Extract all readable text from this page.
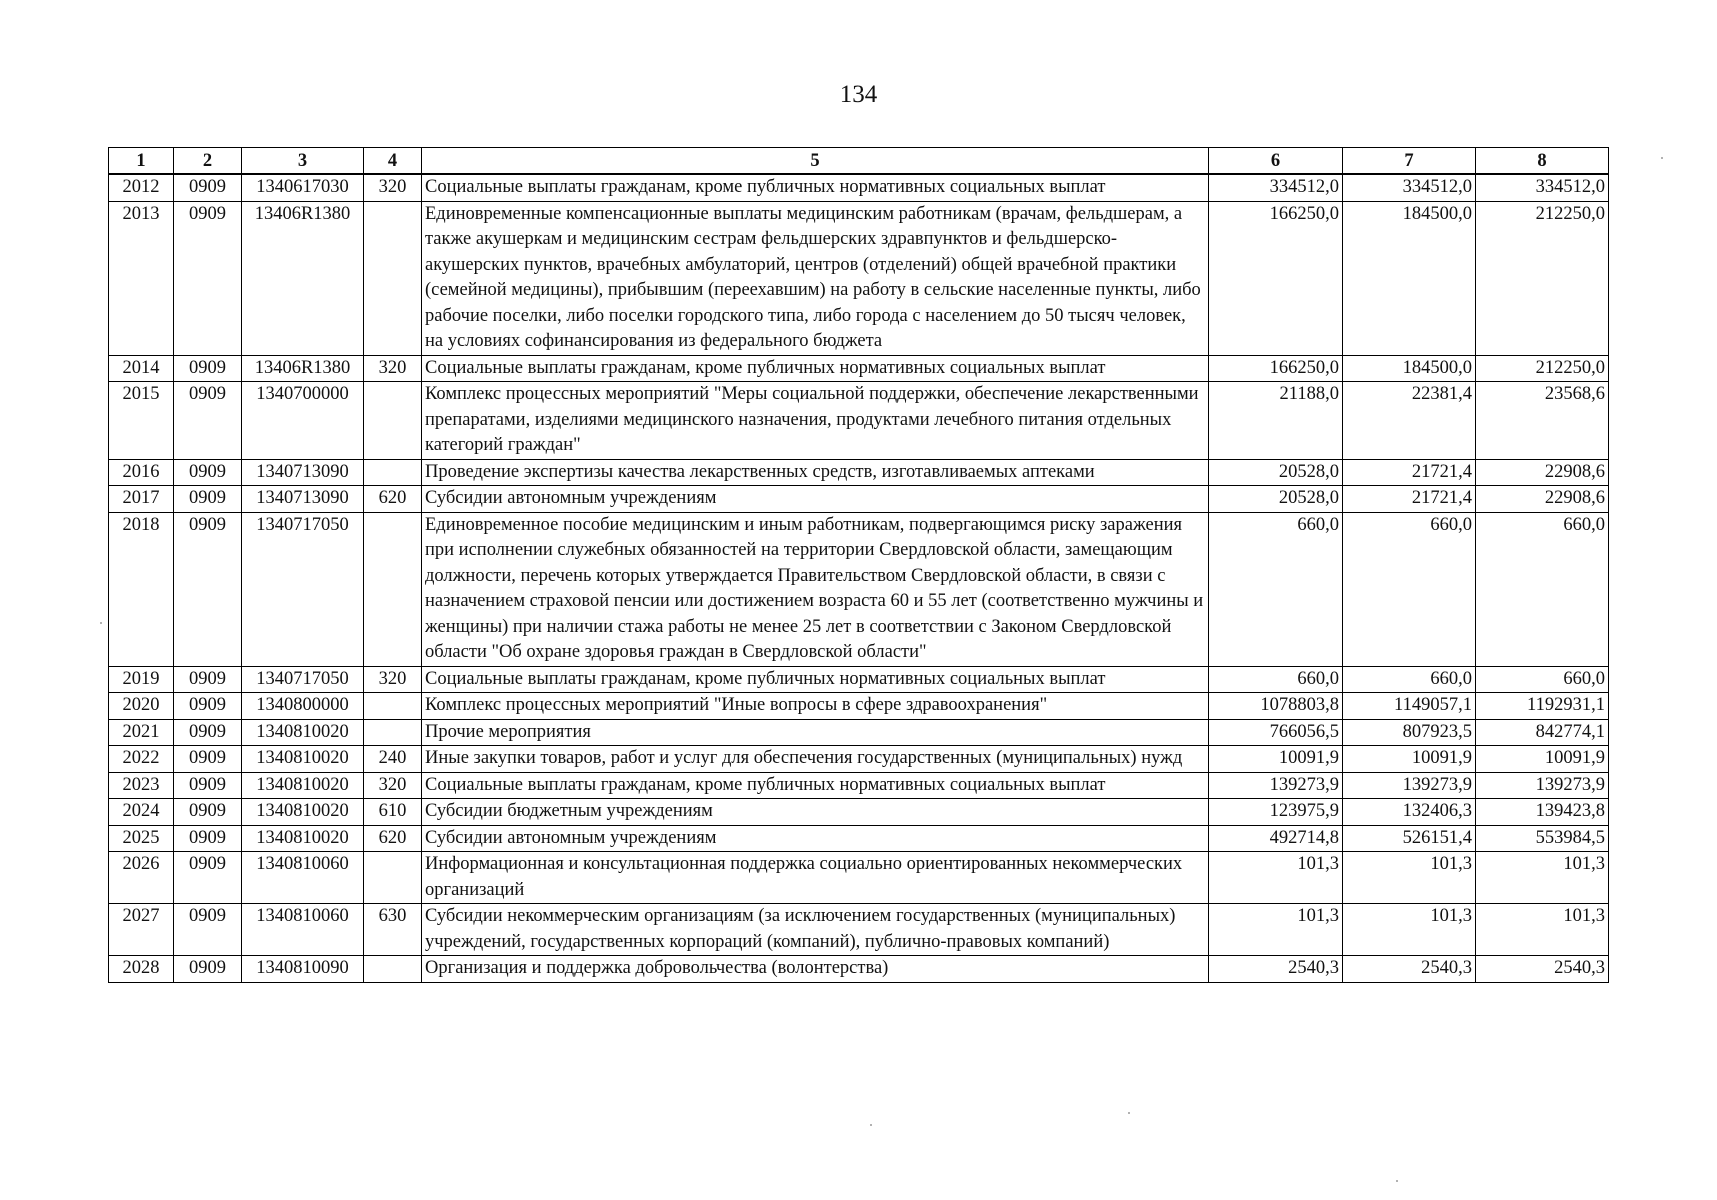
134
1	2	3	4	5	6	7	8
2012	0909	1340617030	320	Социальные выплаты гражданам, кроме публичных нормативных социальных выплат	334512,0	334512,0	334512,0
2013	0909	13406R1380		Единовременные компенсационные выплаты медицинским работникам (врачам, фельдшерам, а также акушеркам и медицинским сестрам фельдшерских здравпунктов и фельдшерско-акушерских пунктов, врачебных амбулаторий, центров (отделений) общей врачебной практики (семейной медицины), прибывшим (переехавшим) на работу в сельские населенные пункты, либо рабочие поселки, либо поселки городского типа, либо города с населением до 50 тысяч человек, на условиях софинансирования из федерального бюджета	166250,0	184500,0	212250,0
2014	0909	13406R1380	320	Социальные выплаты гражданам, кроме публичных нормативных социальных выплат	166250,0	184500,0	212250,0
2015	0909	1340700000		Комплекс процессных мероприятий "Меры социальной поддержки, обеспечение лекарственными препаратами, изделиями медицинского назначения, продуктами лечебного питания отдельных категорий граждан"	21188,0	22381,4	23568,6
2016	0909	1340713090		Проведение экспертизы качества лекарственных средств, изготавливаемых аптеками	20528,0	21721,4	22908,6
2017	0909	1340713090	620	Субсидии автономным учреждениям	20528,0	21721,4	22908,6
2018	0909	1340717050		Единовременное пособие медицинским и иным работникам, подвергающимся риску заражения при исполнении служебных обязанностей на территории Свердловской области, замещающим должности, перечень которых утверждается Правительством Свердловской области, в связи с назначением страховой пенсии или достижением возраста 60 и 55 лет (соответственно мужчины и женщины) при наличии стажа работы не менее 25 лет в соответствии с Законом Свердловской области "Об охране здоровья граждан в Свердловской области"	660,0	660,0	660,0
2019	0909	1340717050	320	Социальные выплаты гражданам, кроме публичных нормативных социальных выплат	660,0	660,0	660,0
2020	0909	1340800000		Комплекс процессных мероприятий "Иные вопросы в сфере здравоохранения"	1078803,8	1149057,1	1192931,1
2021	0909	1340810020		Прочие мероприятия	766056,5	807923,5	842774,1
2022	0909	1340810020	240	Иные закупки товаров, работ и услуг для обеспечения государственных (муниципальных) нужд	10091,9	10091,9	10091,9
2023	0909	1340810020	320	Социальные выплаты гражданам, кроме публичных нормативных социальных выплат	139273,9	139273,9	139273,9
2024	0909	1340810020	610	Субсидии бюджетным учреждениям	123975,9	132406,3	139423,8
2025	0909	1340810020	620	Субсидии автономным учреждениям	492714,8	526151,4	553984,5
2026	0909	1340810060		Информационная и консультационная поддержка социально ориентированных некоммерческих организаций	101,3	101,3	101,3
2027	0909	1340810060	630	Субсидии некоммерческим организациям (за исключением государственных (муниципальных) учреждений, государственных корпораций (компаний), публично-правовых компаний)	101,3	101,3	101,3
2028	0909	1340810090		Организация и поддержка добровольчества (волонтерства)	2540,3	2540,3	2540,3
